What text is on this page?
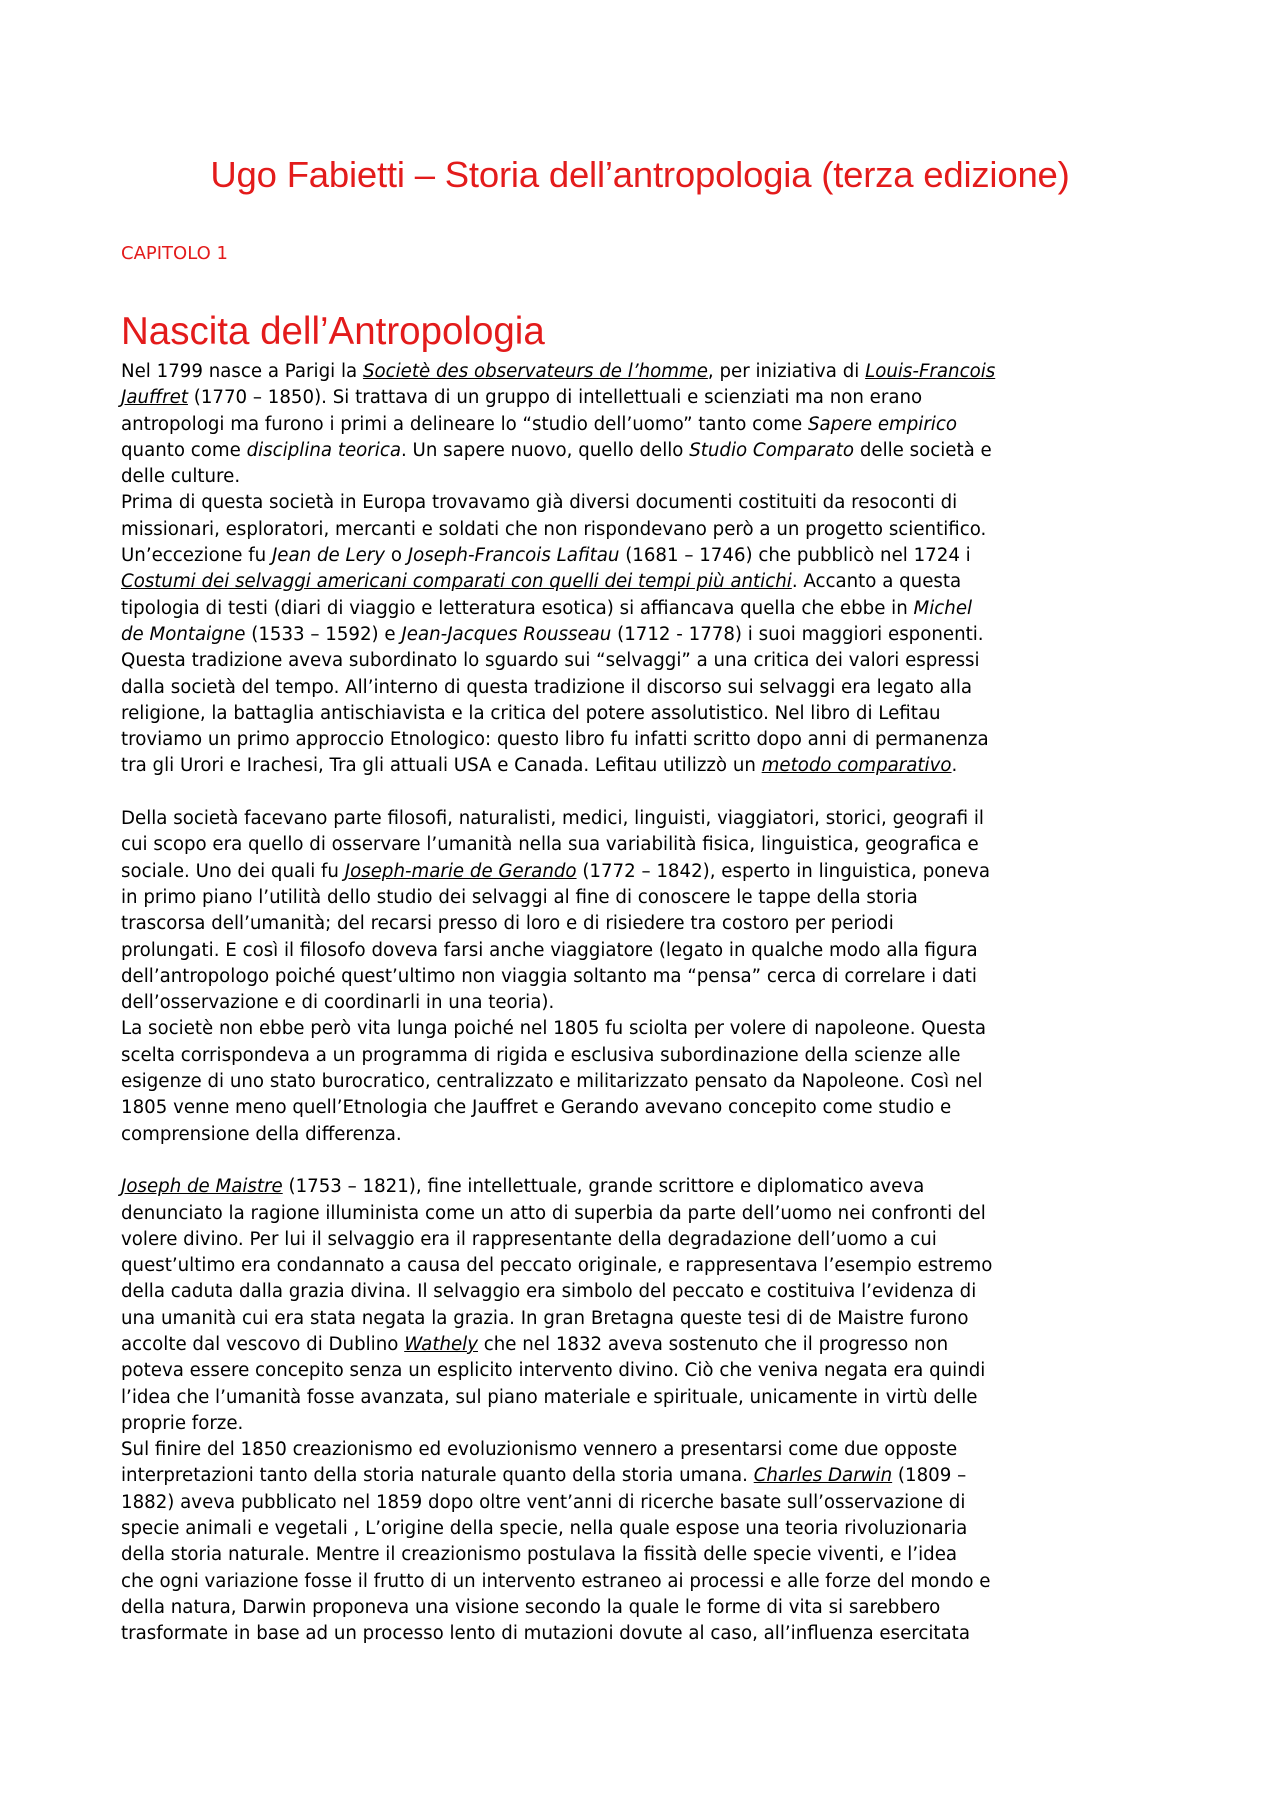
Ugo Fabietti – Storia dell’antropologia (terza edizione)
CAPITOLO 1
Nascita dell’Antropologia
Nel 1799 nasce a Parigi la Societè des observateurs de l’homme, per iniziativa di Louis-Francois
Jauffret (1770 – 1850). Si trattava di un gruppo di intellettuali e scienziati ma non erano
antropologi ma furono i primi a delineare lo “studio dell’uomo” tanto come Sapere empirico
quanto come disciplina teorica. Un sapere nuovo, quello dello Studio Comparato delle società e
delle culture.
Prima di questa società in Europa trovavamo già diversi documenti costituiti da resoconti di
missionari, esploratori, mercanti e soldati che non rispondevano però a un progetto scientifico.
Un’eccezione fu Jean de Lery o Joseph-Francois Lafitau (1681 – 1746) che pubblicò nel 1724 i
Costumi dei selvaggi americani comparati con quelli dei tempi più antichi. Accanto a questa
tipologia di testi (diari di viaggio e letteratura esotica) si affiancava quella che ebbe in Michel
de Montaigne (1533 – 1592) e Jean-Jacques Rousseau (1712 - 1778) i suoi maggiori esponenti.
Questa tradizione aveva subordinato lo sguardo sui “selvaggi” a una critica dei valori espressi
dalla società del tempo. All’interno di questa tradizione il discorso sui selvaggi era legato alla
religione, la battaglia antischiavista e la critica del potere assolutistico. Nel libro di Lefitau
troviamo un primo approccio Etnologico: questo libro fu infatti scritto dopo anni di permanenza
tra gli Urori e Irachesi, Tra gli attuali USA e Canada. Lefitau utilizzò un metodo comparativo.
Della società facevano parte filosofi, naturalisti, medici, linguisti, viaggiatori, storici, geografi il
cui scopo era quello di osservare l’umanità nella sua variabilità fisica, linguistica, geografica e
sociale. Uno dei quali fu Joseph-marie de Gerando (1772 – 1842), esperto in linguistica, poneva
in primo piano l’utilità dello studio dei selvaggi al fine di conoscere le tappe della storia
trascorsa dell’umanità; del recarsi presso di loro e di risiedere tra costoro per periodi
prolungati. E così il filosofo doveva farsi anche viaggiatore (legato in qualche modo alla figura
dell’antropologo poiché quest’ultimo non viaggia soltanto ma “pensa” cerca di correlare i dati
dell’osservazione e di coordinarli in una teoria).
La societè non ebbe però vita lunga poiché nel 1805 fu sciolta per volere di napoleone. Questa
scelta corrispondeva a un programma di rigida e esclusiva subordinazione della scienze alle
esigenze di uno stato burocratico, centralizzato e militarizzato pensato da Napoleone. Così nel
1805 venne meno quell’Etnologia che Jauffret e Gerando avevano concepito come studio e
comprensione della differenza.
Joseph de Maistre (1753 – 1821), fine intellettuale, grande scrittore e diplomatico aveva
denunciato la ragione illuminista come un atto di superbia da parte dell’uomo nei confronti del
volere divino. Per lui il selvaggio era il rappresentante della degradazione dell’uomo a cui
quest’ultimo era condannato a causa del peccato originale, e rappresentava l’esempio estremo
della caduta dalla grazia divina. Il selvaggio era simbolo del peccato e costituiva l’evidenza di
una umanità cui era stata negata la grazia. In gran Bretagna queste tesi di de Maistre furono
accolte dal vescovo di Dublino Wathely che nel 1832 aveva sostenuto che il progresso non
poteva essere concepito senza un esplicito intervento divino. Ciò che veniva negata era quindi
l’idea che l’umanità fosse avanzata, sul piano materiale e spirituale, unicamente in virtù delle
proprie forze.
Sul finire del 1850 creazionismo ed evoluzionismo vennero a presentarsi come due opposte
interpretazioni tanto della storia naturale quanto della storia umana. Charles Darwin (1809 –
1882) aveva pubblicato nel 1859 dopo oltre vent’anni di ricerche basate sull’osservazione di
specie animali e vegetali , L’origine della specie, nella quale espose una teoria rivoluzionaria
della storia naturale. Mentre il creazionismo postulava la fissità delle specie viventi, e l’idea
che ogni variazione fosse il frutto di un intervento estraneo ai processi e alle forze del mondo e
della natura, Darwin proponeva una visione secondo la quale le forme di vita si sarebbero
trasformate in base ad un processo lento di mutazioni dovute al caso, all’influenza esercitata
